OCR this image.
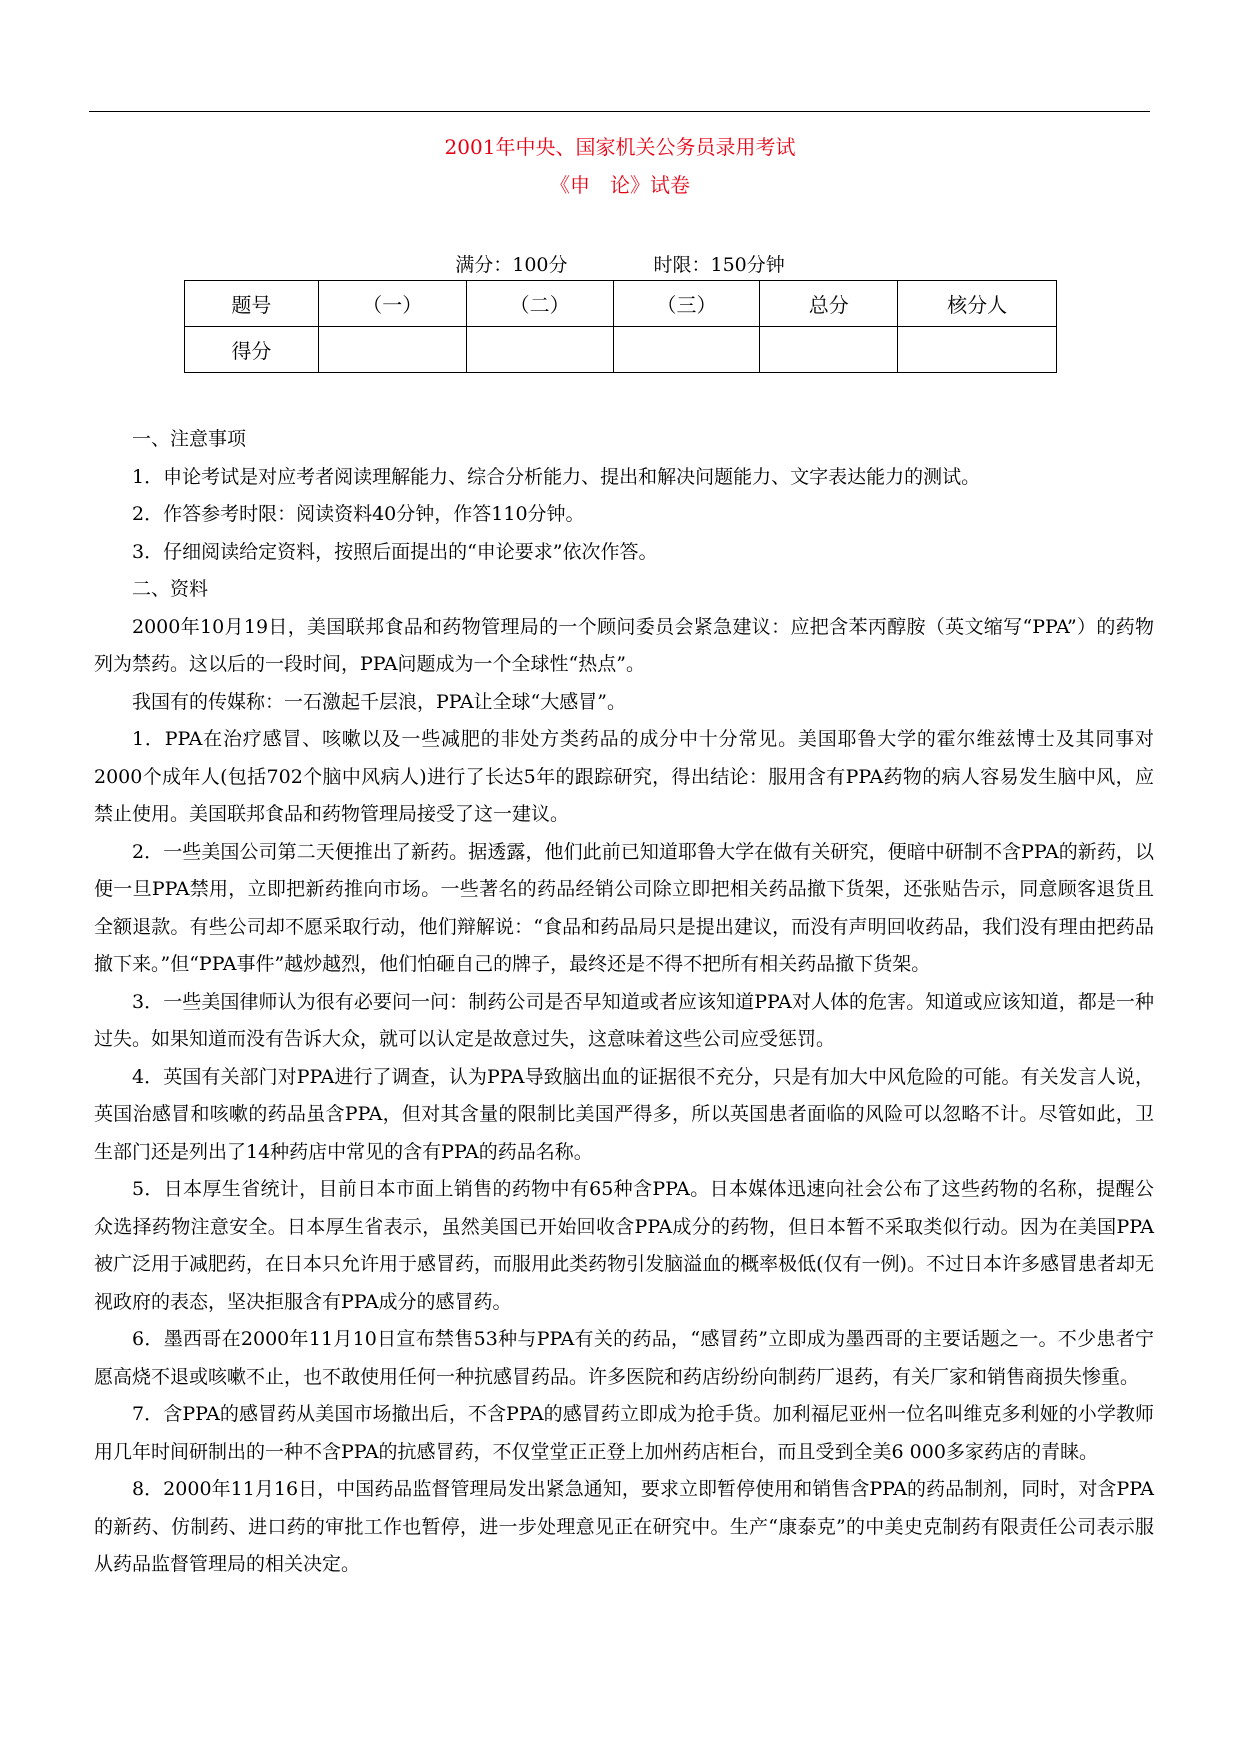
2001年中央、国家机关公务员录用考试
《申　论》试卷
满分：100分	时限：150分钟
题号	（一）	（二）	（三）	总分	核分人
得分					

一、注意事项

1．申论考试是对应考者阅读理解能力、综合分析能力、提出和解决问题能力、文字表达能力的测试。

2．作答参考时限：阅读资料40分钟，作答110分钟。

3．仔细阅读给定资料，按照后面提出的“申论要求”依次作答。

二、资料

2000年10月19日，美国联邦食品和药物管理局的一个顾问委员会紧急建议：应把含苯丙醇胺（英文缩写“PPA”）的药物列为禁药。这以后的一段时间，PPA问题成为一个全球性“热点”。

我国有的传媒称：一石激起千层浪，PPA让全球“大感冒”。

1．PPA在治疗感冒、咳嗽以及一些减肥的非处方类药品的成分中十分常见。美国耶鲁大学的霍尔维兹博士及其同事对2000个成年人(包括702个脑中风病人)进行了长达5年的跟踪研究，得出结论：服用含有PPA药物的病人容易发生脑中风，应禁止使用。美国联邦食品和药物管理局接受了这一建议。

2．一些美国公司第二天便推出了新药。据透露，他们此前已知道耶鲁大学在做有关研究，便暗中研制不含PPA的新药，以便一旦PPA禁用，立即把新药推向市场。一些著名的药品经销公司除立即把相关药品撤下货架，还张贴告示，同意顾客退货且全额退款。有些公司却不愿采取行动，他们辩解说：“食品和药品局只是提出建议，而没有声明回收药品，我们没有理由把药品撤下来。”但“PPA事件”越炒越烈，他们怕砸自己的牌子，最终还是不得不把所有相关药品撤下货架。

3．一些美国律师认为很有必要问一问：制药公司是否早知道或者应该知道PPA对人体的危害。知道或应该知道，都是一种过失。如果知道而没有告诉大众，就可以认定是故意过失，这意味着这些公司应受惩罚。

4．英国有关部门对PPA进行了调查，认为PPA导致脑出血的证据很不充分，只是有加大中风危险的可能。有关发言人说，英国治感冒和咳嗽的药品虽含PPA，但对其含量的限制比美国严得多，所以英国患者面临的风险可以忽略不计。尽管如此，卫生部门还是列出了14种药店中常见的含有PPA的药品名称。

5．日本厚生省统计，目前日本市面上销售的药物中有65种含PPA。日本媒体迅速向社会公布了这些药物的名称，提醒公众选择药物注意安全。日本厚生省表示，虽然美国已开始回收含PPA成分的药物，但日本暂不采取类似行动。因为在美国PPA被广泛用于减肥药，在日本只允许用于感冒药，而服用此类药物引发脑溢血的概率极低(仅有一例)。不过日本许多感冒患者却无视政府的表态，坚决拒服含有PPA成分的感冒药。

6．墨西哥在2000年11月10日宣布禁售53种与PPA有关的药品，“感冒药”立即成为墨西哥的主要话题之一。不少患者宁愿高烧不退或咳嗽不止，也不敢使用任何一种抗感冒药品。许多医院和药店纷纷向制药厂退药，有关厂家和销售商损失惨重。

7．含PPA的感冒药从美国市场撤出后，不含PPA的感冒药立即成为抢手货。加利福尼亚州一位名叫维克多利娅的小学教师用几年时间研制出的一种不含PPA的抗感冒药，不仅堂堂正正登上加州药店柜台，而且受到全美6 000多家药店的青睐。

8．2000年11月16日，中国药品监督管理局发出紧急通知，要求立即暂停使用和销售含PPA的药品制剂，同时，对含PPA的新药、仿制药、进口药的审批工作也暂停，进一步处理意见正在研究中。生产“康泰克”的中美史克制药有限责任公司表示服从药品监督管理局的相关决定。
